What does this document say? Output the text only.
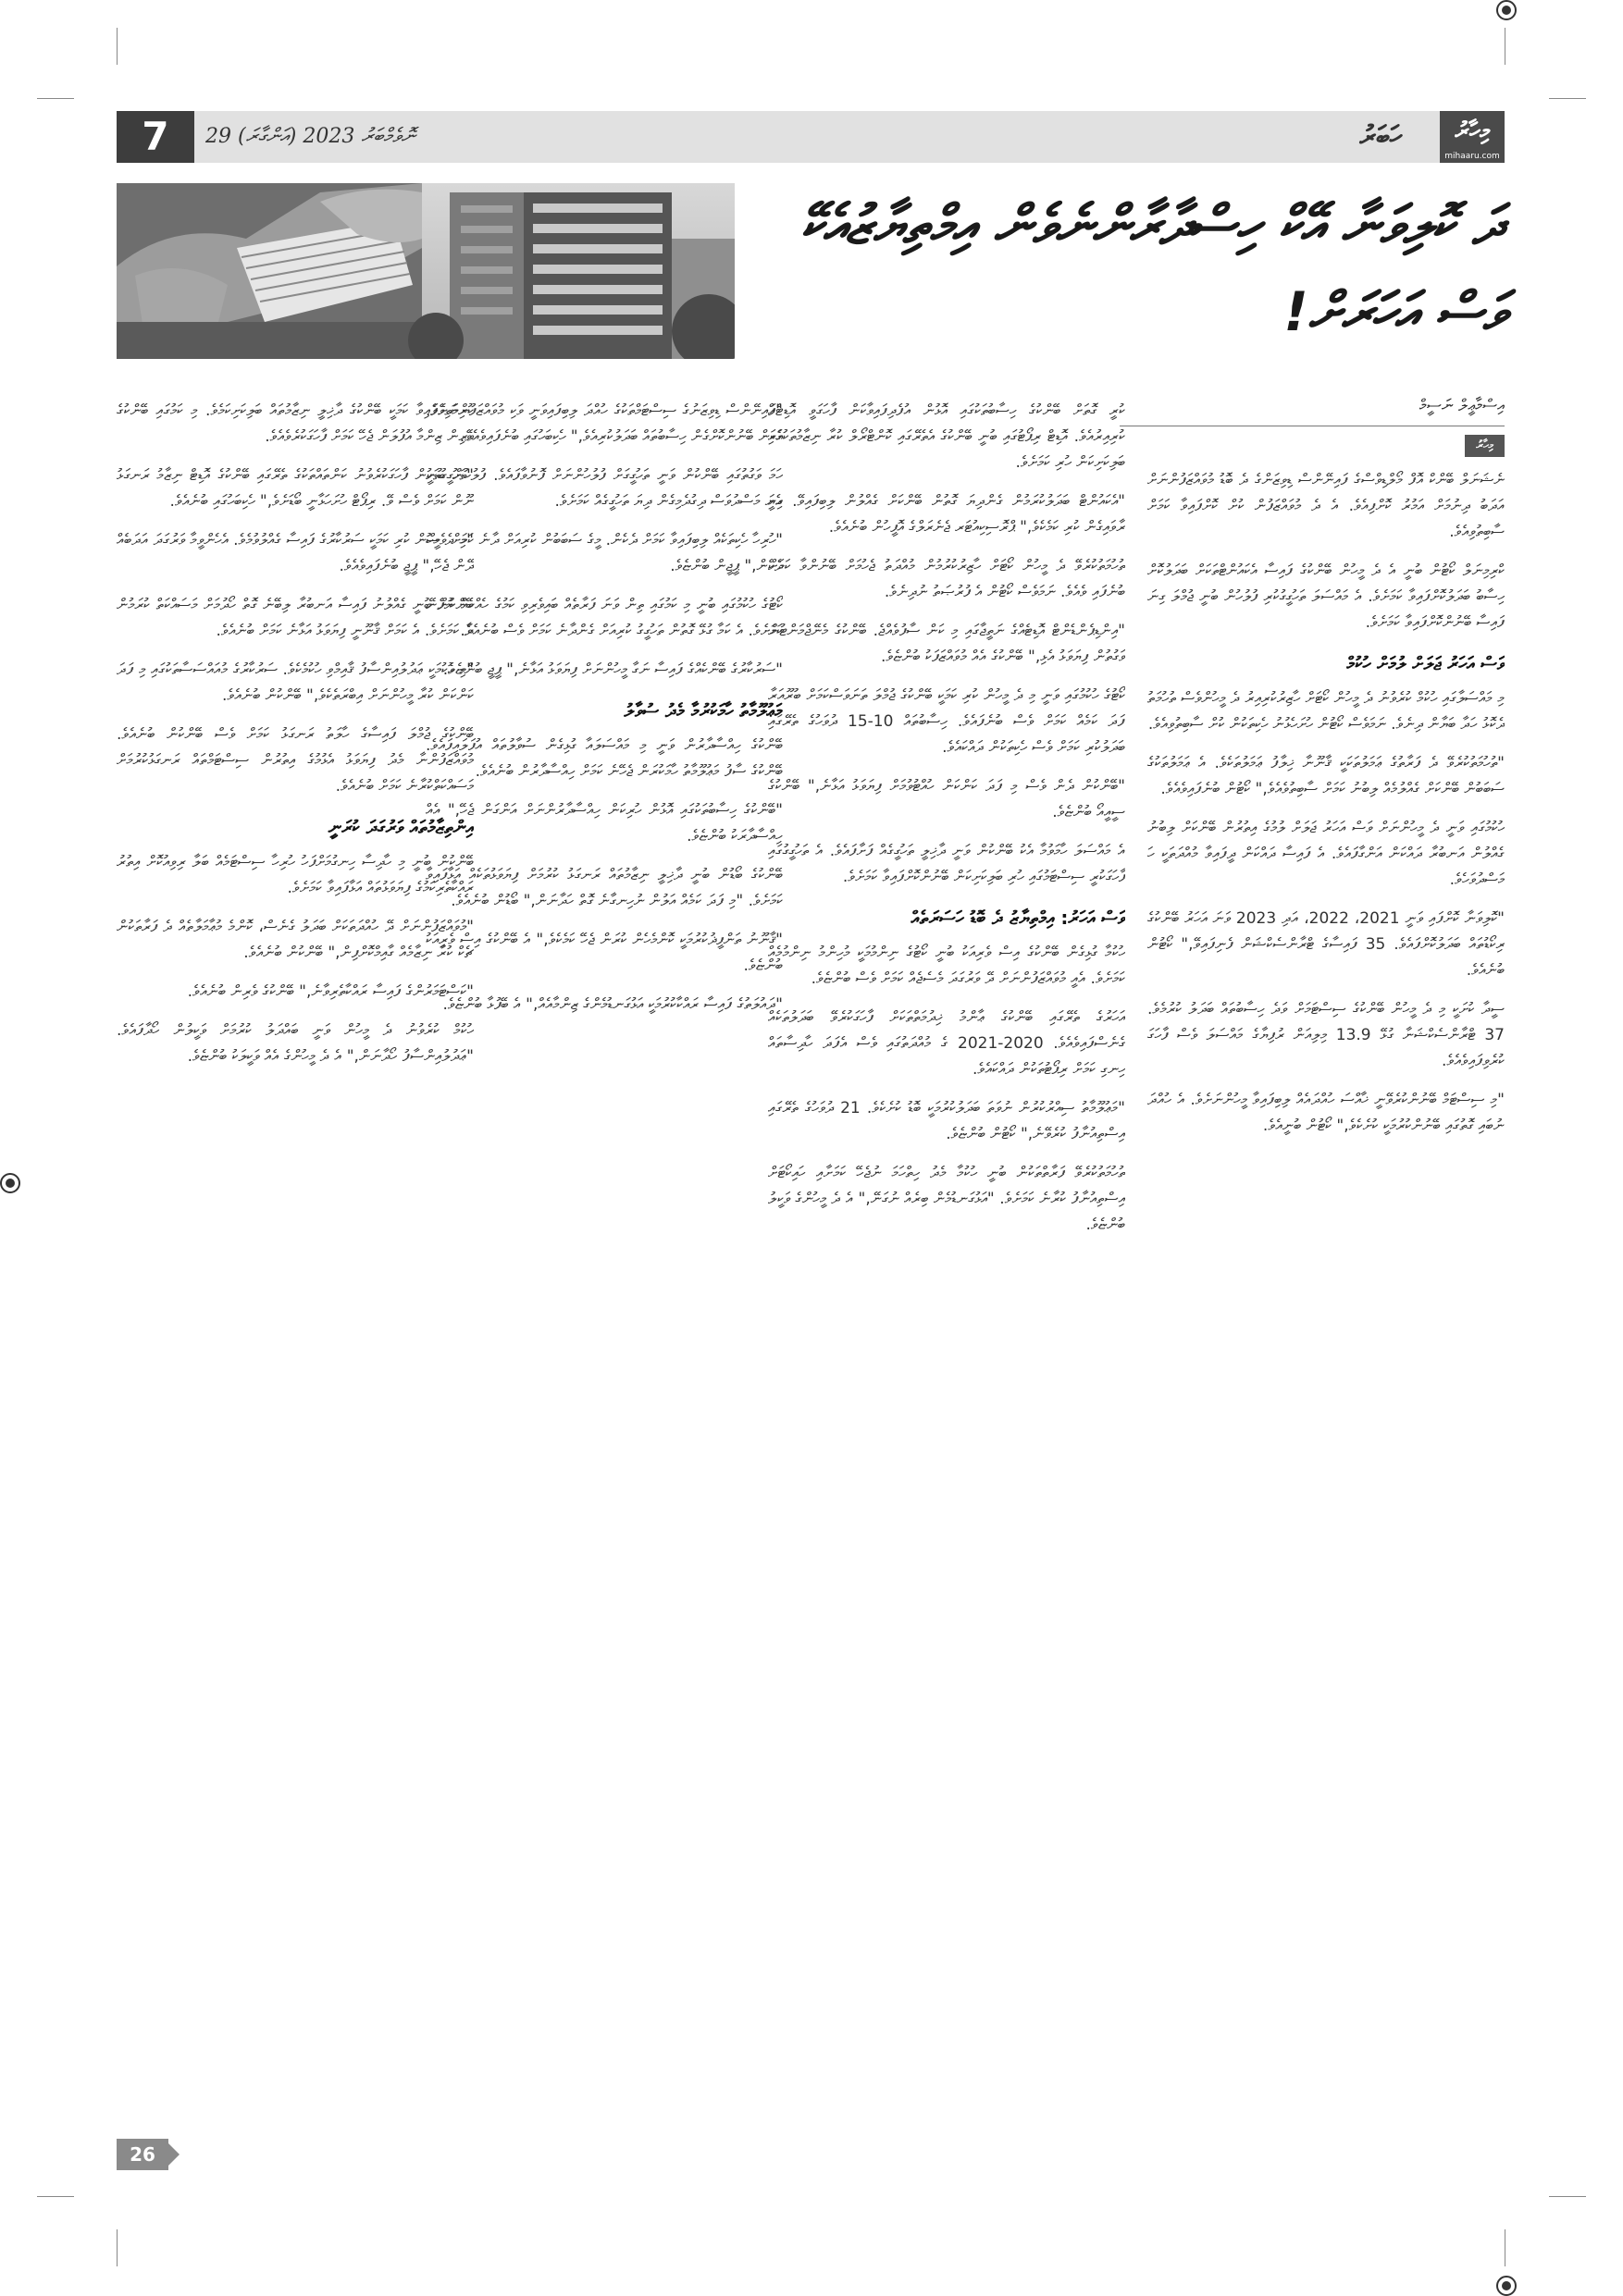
7	29 ނޮވެމްބަރު 2023 (އަންގާރަ)	ހަބަރު	މިހާރު
mihaaru.com
ދަ ކޮލިވަނާ އޭކް ހިސްދާރާންނެވެން އިމްތިޔާޒުއެކޭ ވަސް އަހަރަށް!
އިސްމާޢީލް ނަސީމް
މިހާރު

ނެޝަނަލް ބޭންކް އޮފް މޯލްޑިވްސްގެ ފައިނޭންސް ޑިވިޒަންގެ ދެ ބޮޑު މުވައްޒަފުންނަށް އަދަބު ދިނުމަށް އަމުރު ކޮށްފިއެވެ. އެ ދެ މުވައްޒަފުން ކުށް ކޮށްފައިވާ ކަމަށް ސާބިތުވިއެވެ.

ކްރިމިނަލް ކޯޓުން ބުނީ އެ ދެ މީހުން ބޭންކުގެ ފައިސާ އެކައުންޓްތަކަށް ބަދަލުކޮށް ހިސާބު ބަދަލުކޮށްފައިވާ ކަމަށެވެ. އެ މައްސަލަ ތަހުގީގުކުރި ފުލުހުން ބުނީ ޖުމްލަ ގިނަ ފައިސާ ބޭނުންކޮށްފައިވާ ކަމަށެވެ.

ވަސް އަހަރު ޖަލަށް ލުމަށް ހުކުމް

މި މައްސަލާގައި ހުކުމް ކުރެވުނު ދެ މީހުން ކޯޓަށް ހާޒިރުކުރިއިރު ދެ މީހުންވެސް ތުހުމަތު ދެކޮޅު ހަދާ ބަޔާން ދިނެވެ. ނަމަވެސް ކޯޓުން ހުށަހެޅުނު ހެކިތަކުން ކުށް ސާބިތުވިއެވެ.

"ތުހުމަތުކުރެވޭ ދެ ފަރާތުގެ ޢަމަލުތަކަކީ ޤާނޫނާ ޚިލާފު ޢަމަލުތަކެވެ. އެ ޢަމަލުތަކުގެ ސަބަބުން ބޭންކަށް ގެއްލުމެއް ލިބުނު ކަމަށް ސާބިތުވެއެވެ," ކޯޓުން ބުނެފައިވެއެވެ.

ހުކުމުގައި ވަނީ ދެ މީހުންނަށް ވަސް އަހަރު ޖަލަށް ލުމުގެ އިތުރުން ބޭންކަށް ލިބުނު ގެއްލުން އަނބުރާ ދައްކަން އަންގާފައެވެ. އެ ފައިސާ ދައްކަން ދީފައިވާ މުއްދަތަކީ ހަ މަސްދުވަހެވެ.

"ކޮލިވަނާ ކޮށްފައި ވަނީ 2021، 2022، އަދި 2023 ވަނަ އަހަރު ބޭންކުގެ ރިކޯޑުތައް ބަދަލުކޮށްފައެވެ. 35 ފައިސާގެ ޓްރާންސެކްޝަން ފެނިފައިވޭ," ކޯޓުން ބުނެއެވެ.

ސީދާ ކުށަކީ މި ދެ މީހުން ބޭންކުގެ ސިސްޓަމަށް ވަދެ ހިސާބުތައް ބަދަލު ކުރުމެވެ. 37 ޓްރާންސެކްޝަނާ ގުޅޭ 13.9 މިލިއަން ރުފިޔާގެ މައްސަލަ ވެސް ފާހަގަ ކުރެވިފައިވެއެވެ.

"މި ސިސްޓަމް ބޭނުންކުރެވޭނީ ޚާއްސަ ހުއްދައެއް ލިބިފައިވާ މީހުންނަށެވެ. އެ ހުއްދަ ނުބައި ގޮތުގައި ބޭނުންކުރުމަކީ ކުށެކެވެ," ކޯޓުން ބުނީއެވެ.

ކުރީ ގޮތަށް ބޭންކުގެ ހިސާބުތަކުގައި އޮޅުން އުފެދިފައިވާކަން ފާހަގަވީ އޮޑިޓެއް ކުރިއިރުއެވެ. އޮޑިޓް ރިޕޯޓުގައި ބުނީ ބޭންކުގެ އެތެރޭގައި ކޮންޓްރޯލް ކުރާ ނިޒާމުތަކުގައި ބަލިކަށިކަން ހުރި ކަމަށެވެ.

"އެކައުންޓް ބަދަލުކުރަމުން ގެންދިޔަ ގޮތުން ބޭންކަށް ގެއްލުން ލިބިފައިވޭ. އެއީ ރާވައިގެން ކުރި ކަމެކެވެ," ޕްރޮސިކިއުޓަރ ޖެނެރަލްގެ އޮފީހުން ބުނެއެވެ.

ތުހުމަތުކުރެވޭ ދެ މީހުން ކޯޓަށް ހާޒިރުކުރުމުން މުއްދަތު ޖެހުމަށް ބޭނުންވާ ކަމަށް ބުނެފައި ވެއެވެ. ނަމަވެސް ކޯޓުން އެ ފުރުޞަތު ނުދިނެވެ.

"އިންޑިޕެންޑެންޓް އޮޑިޓެއްގެ ނަތީޖާގައި މި ކަން ސާފުވެއްޖެ. ބޭންކުގެ މެނޭޖްމަންޓުން ވަގުތުން ފިޔަވަޅު އެޅި," ބޭންކުގެ އެއް މުވައްޒަފަކު ބުންޏެވެ.

ކޯޓުގެ ހުކުމުގައި ވަނީ މި ދެ މީހުން ކުރި ކަމަކީ ބޭންކުގެ ޖުމްލަ ތަނަވަސްކަމަށް ބުރޫއަރާ ފަދަ ކަމެއް ކަމަށް ވެސް ބުނެފައެވެ. ހިސާބުތައް 10-15 ދުވަހުގެ ތެރޭގައި ބަދަލުކުރި ކަމަށް ވެސް ހެކިތަކުން ދައްކައެވެ.

"ބޭންކުން ދެން ވެސް މި ފަދަ ކަންކަން ހުއްޓުވުމަށް ފިޔަވަޅު އަޅާނެ," ބޭންކުގެ ސީއީއޯ ބުންޏެވެ.

އެ މައްސަލަ ހާމަވުމާ އެކު ބޭންކުން ވަނީ ދާޚިލީ ތަހުގީގެއް ފަށާފައެވެ. އެ ތަހުގީގުގައި ފާހަގަކުރީ ސިސްޓަމުގައި ހުރި ބަލިކަށިކަން ބޭނުންކޮށްފައިވާ ކަމަށެވެ.

ވަސް އަހަރު: އިމްތިޔާޒު ދެ ބޮޑު ހަސަރަތެއް

ހުކުމާ ގުޅިގެން ބޭންކުގެ އިސް ވެރިއަކު ބުނީ ކޯޓުގެ ނިންމުމަކީ މުހިންމު ނިންމުމެއް ކަމަށެވެ. އެއީ މުވައްޒަފުންނަށް ދޭ ވަރުގަދަ މެސެޖެއް ކަމަށް ވެސް ބުންޏެވެ.

އަހަރުގެ ތެރޭގައި ބޭންކުގެ ޢާންމު ޚިދުމަތްތަކަށް ފާހަގަކުރެވޭ ބަދަލުތަކެއް ގެނެސްފައިވެއެވެ. 2020-2021 ގެ މުއްދަތުގައި ވެސް އެފަދަ ހާދިސާތައް ހިނގި ކަމަށް ރިޕޯޓުތަކުން ދައްކައެވެ.

"މަޢުލޫމާތު ސިއްރުކުރުން ނުވަތަ ބަދަލުކުރުމަކީ ބޮޑު ކުށެކެވެ. 21 ދުވަހުގެ ތެރޭގައި އިސްތިއުނާފު ކުރެވޭނެ," ކޯޓުން ބުންޏެވެ.

ތުހުމަތުކުރެވޭ ފަރާތްތަކުން ބުނީ ހުކުމާ މެދު ހިތްހަމަ ނުޖެހޭ ކަމަށާއި ހައިކޯޓަށް އިސްތިއުނާފު ކުރާނެ ކަމަށެވެ. "އަޅުގަނޑުމެން ބިރެއް ނުގަނޭ," އެ ދެ މީހުންގެ ވަކީލު ބުންޏެވެ.

"ފައިނޭންސް ޑިވިޒަނުގެ ސިސްޓަމްތަކުގެ ހުއްދަ ލިބިފައިވަނީ ވަކި މުވައްޒަފުންނަށެވެ. އެކަން ބޭނުންކޮށްގެން ހިސާބުތައް ބަދަލުކުރިއެވެ," ހެކިބަހުގައި ބުނެފައިވެއެވެ.

ހަމަ ވަގުތުގައި ބޭންކުން ވަނީ ތަހުގީގަށް ފުލުހުންނަށް ފޮނުވާފައެވެ. ފުލުހުން ބުނީ ގިނަ މަސްދުވަސް ދިގުދެމިގެން ދިޔަ ތަހުގީގެއް ކަމަށެވެ.

"ހުރިހާ ހެކިތަކެއް ލިބިފައިވާ ކަމަށް ދެކެން. މީގެ ސަބަބުން ކުރިއަށް ދާނެ ކަމަށް ވެސް ދެކެން," ޕީޖީން ބުންޏެވެ.

ކޯޓުގެ ހުކުމުގައި ބުނީ މި ކަމުގައި ތިން ވަނަ ފަރާތެއް ބައިވެރިވި ކަމުގެ ހެއްކެއް ނުފެނޭ ކަމަށެވެ. އެ ކަމާ ގުޅޭ ގޮތުން ތަހުގީގު ކުރިއަށް ގެންދާނެ ކަމަށް ވެސް ބުނެއެވެ.

"ސަރުކާރުގެ ބޭންކެއްގެ ފައިސާ ނަގާ މީހުންނަށް ފިޔަވަޅު އަޅާނެ," ޕީޖީ ބުންޏެވެ.

މަޢުލޫމާތު ހާމަކުރުމާ މެދު ސުވާލު

ބޭންކުގެ ހިއްސާދާރުން ވަނީ މި މައްސަލައާ ގުޅިގެން ސުވާލުތައް އުފަލައިފައެވެ. ބޭންކުގެ ސާފު މަޢުލޫމާތު ހާމަކުރަން ޖެހޭނެ ކަމަށް ހިއްސާދާރުން ބުނެއެވެ.

"ބޭންކުގެ ހިސާބުތަކުގައި އޮޅުން ހުރިކަން ހިއްސާދާރުންނަށް އަންގަން ޖެހޭ," އެއް ހިއްސާދާރަކު ބުންޏެވެ.

ބޭންކުގެ ބޯޑުން ބުނީ ދާޚިލީ ނިޒާމުތައް ރަނގަޅު ކުރުމަށް ފިޔަވަޅުތަކެއް އަޅާފައިވާ ކަމަށެވެ. "މި ފަދަ ކަމެއް އަލުން ނުހިނގާނެ ގޮތް ހަދާނަން," ބޯޑުން ބުނެއެވެ.

"ޤާނޫނު ތަންފީޛުކުރުމަކީ ކޮންމެހެން ކުރަން ޖެހޭ ކަމެކެވެ," އެ ބޭންކުގެ އިސް ވެރިއަކު ބުންޏެވެ.

"ދައުލަތުގެ ފައިސާ ރައްކާކުރުމަކީ އަޅުގަނޑުމެންގެ ޒިންމާއެއް," އެ ބޭފުޅާ ބުންޏެވެ.

ކުރިމަތިވެފައިވާ ކަމަކީ ބޭންކުގެ ދާޚިލީ ނިޒާމުތައް ބަލިކަށިކަމެވެ. މި ކަމުގައި ބޭންކުގެ ވެރިން ޒިންމާ އުފުލަން ޖެހޭ ކަމަށް ފާހަގަކުރެވެއެވެ.

"ތަހުގީގުތަކުން ފާހަގަކުރެވުނު ކަންތައްތަކުގެ ތެރޭގައި ބޭންކުގެ އޮޑިޓް ނިޒާމު ރަނގަޅު ނޫން ކަމަށް ވެސް ވޭ. ރިޕޯޓް ހުށަހަޅާނީ ބޯޑަށެވެ," ހެކިބަހުގައި ބުނެއެވެ.

"މި ދެ މީހުން ކުރި ކަމަކީ ސަރުކާރުގެ ފައިސާ ގެއްލުވުމެވެ. އެހެންވީމާ ވަރުގަދަ އަދަބެއް ދޭން ޖެހޭ," ޕީޖީ ބުނެފައިވެއެވެ.

ބޭންކުން ބުނީ ގެއްލުނު ފައިސާ އަނބުރާ ލިބޭނެ ގޮތް ހޯދުމަށް މަސައްކަތް ކުރަމުން ދާ ކަމަށެވެ. އެ ކަމަށް ޤާނޫނީ ފިޔަވަޅު އަޅާނެ ކަމަށް ބުނެއެވެ.

"މި ހުކުމަކީ ޢަދުލުއިންސާފު ޤާއިމްވި ހުކުމެކެވެ. ސަރުކާރުގެ މުއައްސަސާތަކުގައި މި ފަދަ ކަންކަން ކުރާ މީހުންނަށް އިބްރަތެކެވެ," ބޭންކުން ބުނެއެވެ.

ބޭންކުގެ ޖުމްލަ ފައިސާގެ ހާލަތު ރަނގަޅު ކަމަށް ވެސް ބޭންކުން ބުނެއެވެ. މުވައްޒަފުންނާ މެދު ފިޔަވަޅު އެޅުމުގެ އިތުރުން ސިސްޓަމްތައް ރަނގަޅުކުރުމަށް މަސައްކަތްކުރާނެ ކަމަށް ބުނެއެވެ.

އިންތިޒާމުތައް ވަރުގަދަ ކުރަނީ

ބޭންކުން ބުނީ މި ހާދިސާ ހިނގުމަށްފަހު ހުރިހާ ސިސްޓަމެއް ބަލާ ރިވިއުކޮށް އިތުރު ރައްކާތެރިކަމުގެ ފިޔަވަޅުތައް އަޅާފައިވާ ކަމަށެވެ.

"މުވައްޒަފުންނަށް ދޭ ހުއްދަތަކަށް ބަދަލު ގެނެސް، ކޮންމެ މުޢާމަލާތެއް ދެ ފަރާތަކުން ޗެކް ކުރާ ނިޒާމެއް ގާއިމްކޮށްފިން," ބޭންކުން ބުނެއެވެ.

"ކަސްޓަމަރުންގެ ފައިސާ ރައްކާތެރިވާނެ," ބޭންކުގެ ވެރިން ބުނެއެވެ.

ހުކުމް ކުރެވުނު ދެ މީހުން ވަނީ ބައްދަލު ކުރުމަށް ވަކީލުން ހޯދާފައެވެ. "ޢަދުލުއިންސާފު ހޯދާނަން," އެ ދެ މީހުންގެ އެއް ވަކީލަކު ބުންޏެވެ.

26
